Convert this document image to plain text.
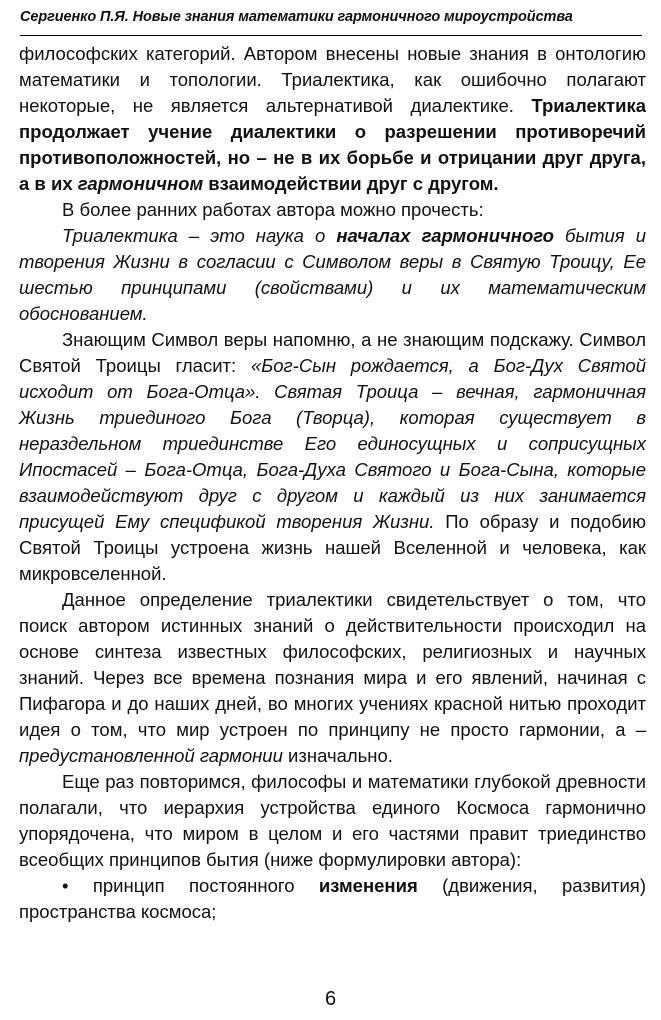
Сергиенко П.Я. Новые знания математики гармоничного мироустройства

философских категорий. Автором внесены новые знания в онтологию математики и топологии. Триалектика, как ошибочно полагают некоторые, не является альтернативой диалектике. Триалектика продолжает учение диалектики о разрешении противоречий противоположностей, но – не в их борьбе и отрицании друг друга, а в их гармоничном взаимодействии друг с другом.

В более ранних работах автора можно прочесть:

Триалектика – это наука о началах гармоничного бытия и творения Жизни в согласии с Символом веры в Святую Троицу, Ее шестью принципами (свойствами) и их математическим обоснованием.

Знающим Символ веры напомню, а не знающим подскажу. Символ Святой Троицы гласит: «Бог-Сын рождается, а Бог-Дух Святой исходит от Бога-Отца». Святая Троица – вечная, гармоничная Жизнь триединого Бога (Творца), которая существует в нераздельном триединстве Его единосущных и соприсущных Ипостасей – Бога-Отца, Бога-Духа Святого и Бога-Сына, которые взаимодействуют друг с другом и каждый из них занимается присущей Ему спецификой творения Жизни. По образу и подобию Святой Троицы устроена жизнь нашей Вселенной и человека, как микровселенной.

Данное определение триалектики свидетельствует о том, что поиск автором истинных знаний о действительности происходил на основе синтеза известных философских, религиозных и научных знаний. Через все времена познания мира и его явлений, начиная с Пифагора и до наших дней, во многих учениях красной нитью проходит идея о том, что мир устроен по принципу не просто гармонии, а – предустановленной гармонии изначально.

Еще раз повторимся, философы и математики глубокой древности полагали, что иерархия устройства единого Космоса гармонично упорядочена, что миром в целом и его частями правит триединство всеобщих принципов бытия (ниже формулировки автора):

• принцип постоянного изменения (движения, развития) пространства космоса;

6
